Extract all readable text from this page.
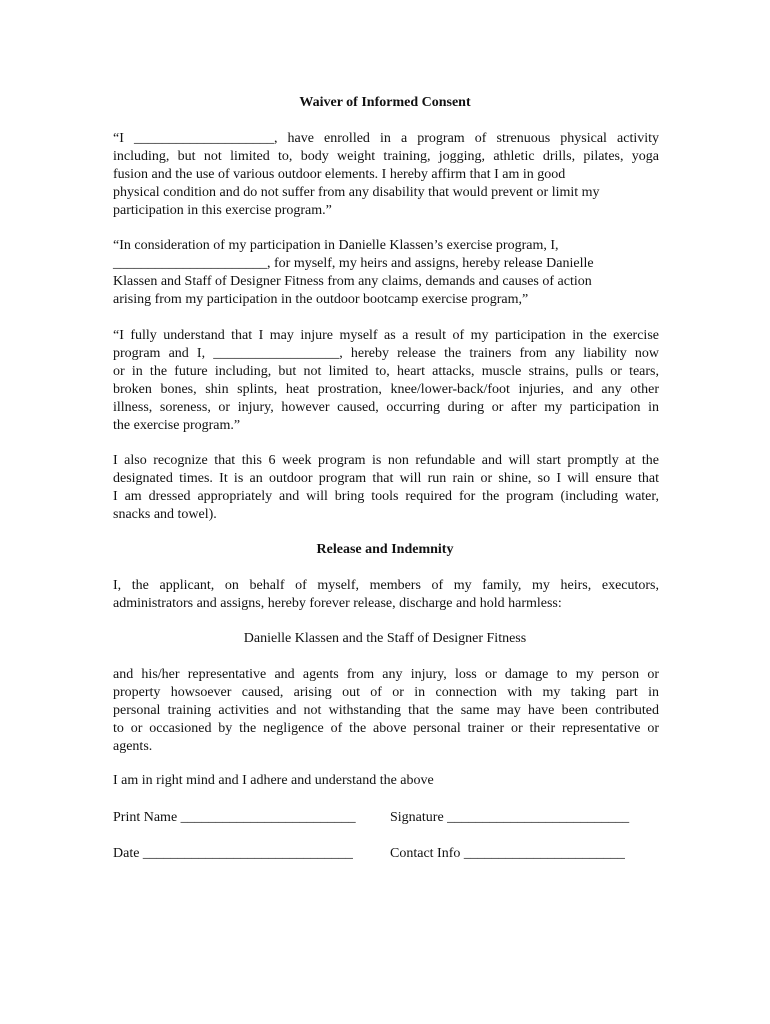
Waiver of Informed Consent
“I ____________________, have enrolled in a program of strenuous physical activity
including, but not limited to, body weight training, jogging, athletic drills, pilates, yoga
fusion and the use of various outdoor elements. I hereby affirm that I am in good
physical condition and do not suffer from any disability that would prevent or limit my
participation in this exercise program.”
“In consideration of my participation in Danielle Klassen’s exercise program, I,
______________________, for myself, my heirs and assigns, hereby release Danielle
Klassen and Staff of Designer Fitness from any claims, demands and causes of action
arising from my participation in the outdoor bootcamp exercise program,”
“I fully understand that I may injure myself as a result of my participation in the exercise
program and I, __________________, hereby release the trainers from any liability now
or in the future including, but not limited to, heart attacks, muscle strains, pulls or tears,
broken bones, shin splints, heat prostration, knee/lower-back/foot injuries, and any other
illness, soreness, or injury, however caused, occurring during or after my participation in
the exercise program.”
I also recognize that this 6 week program is non refundable and will start promptly at the
designated times. It is an outdoor program that will run rain or shine, so I will ensure that
I am dressed appropriately and will bring tools required for the program (including water,
snacks and towel).
Release and Indemnity
I, the applicant, on behalf of myself, members of my family, my heirs, executors,
administrators and assigns, hereby forever release, discharge and hold harmless:
Danielle Klassen and the Staff of Designer Fitness
and his/her representative and agents from any injury, loss or damage to my person or
property howsoever caused, arising out of or in connection with my taking part in
personal training activities and not withstanding that the same may have been contributed
to or occasioned by the negligence of the above personal trainer or their representative or
agents.
I am in right mind and I adhere and understand the above
Print Name _________________________ Signature __________________________
Date ______________________________	Contact Info _______________________
